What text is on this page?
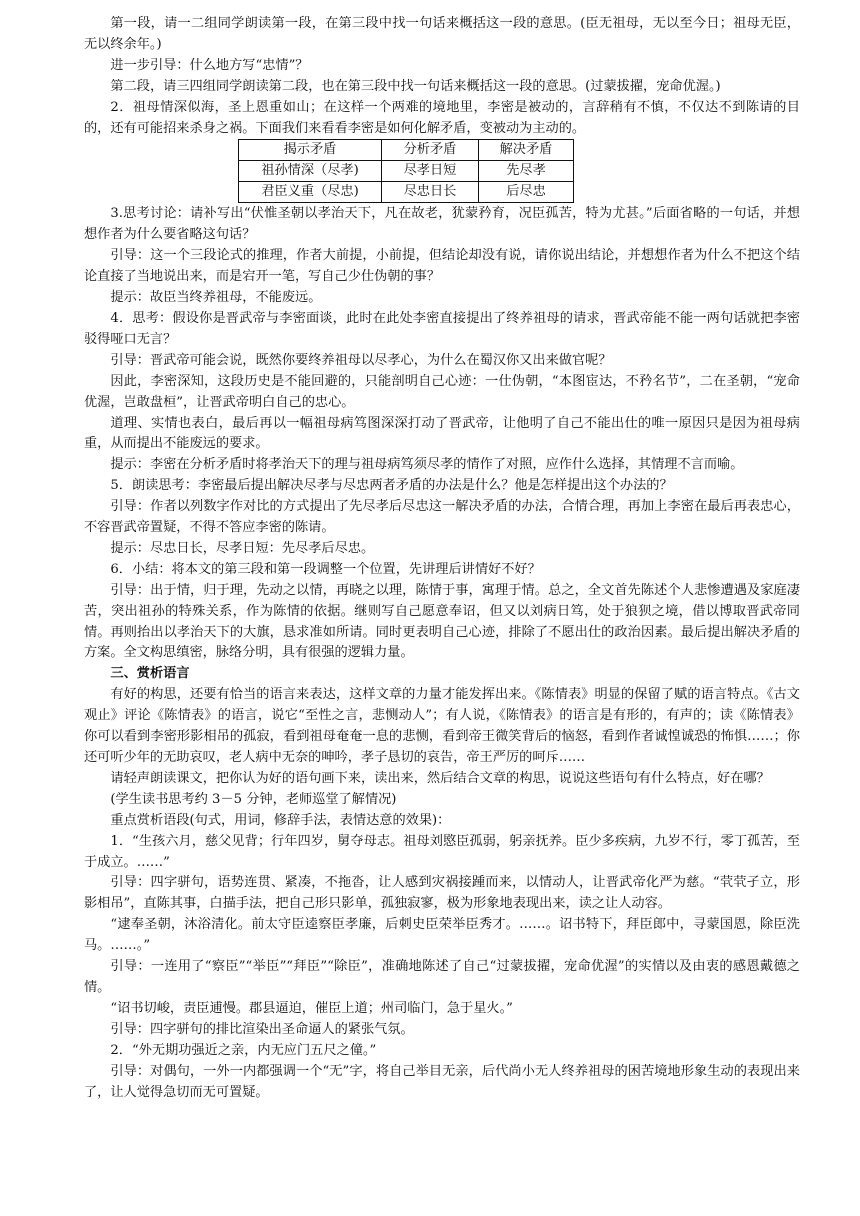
第一段，请一二组同学朗读第一段，在第三段中找一句话来概括这一段的意思。(臣无祖母，无以至今日；祖母无臣，无以终余年。)

进一步引导：什么地方写“忠情”？

第二段，请三四组同学朗读第二段，也在第三段中找一句话来概括这一段的意思。(过蒙拔擢，宠命优渥。)

2．祖母情深似海，圣上恩重如山；在这样一个两难的境地里，李密是被动的，言辞稍有不慎，不仅达不到陈请的目的，还有可能招来杀身之祸。下面我们来看看李密是如何化解矛盾，变被动为主动的。

揭示矛盾	分析矛盾	解决矛盾
祖孙情深（尽孝)	尽孝日短	先尽孝
君臣义重（尽忠)	尽忠日长	后尽忠

3.思考讨论：请补写出“伏惟圣朝以孝治天下，凡在故老，犹蒙矜育，况臣孤苦，特为尤甚。”后面省略的一句话，并想想作者为什么要省略这句话？

引导：这一个三段论式的推理，作者大前提，小前提，但结论却没有说，请你说出结论，并想想作者为什么不把这个结论直接了当地说出来，而是宕开一笔，写自己少仕伪朝的事？

提示：故臣当终养祖母，不能废远。

4．思考：假设你是晋武帝与李密面谈，此时在此处李密直接提出了终养祖母的请求，晋武帝能不能一两句话就把李密驳得哑口无言？

引导：晋武帝可能会说，既然你要终养祖母以尽孝心，为什么在蜀汉你又出来做官呢？

因此，李密深知，这段历史是不能回避的，只能剖明自己心迹：一仕伪朝，“本图宦达，不矜名节”，二在圣朝，“宠命优渥，岂敢盘桓”，让晋武帝明白自己的忠心。

道理、实情也表白，最后再以一幅祖母病笃图深深打动了晋武帝，让他明了自己不能出仕的唯一原因只是因为祖母病重，从而提出不能废远的要求。

提示：李密在分析矛盾时将孝治天下的理与祖母病笃须尽孝的情作了对照，应作什么选择，其情理不言而喻。

5．朗读思考：李密最后提出解决尽孝与尽忠两者矛盾的办法是什么？他是怎样提出这个办法的？

引导：作者以列数字作对比的方式提出了先尽孝后尽忠这一解决矛盾的办法，合情合理，再加上李密在最后再表忠心，不容晋武帝置疑，不得不答应李密的陈请。

提示：尽忠日长，尽孝日短：先尽孝后尽忠。

6．小结：将本文的第三段和第一段调整一个位置，先讲理后讲情好不好？

引导：出于情，归于理，先动之以情，再晓之以理，陈情于事，寓理于情。总之，全文首先陈述个人悲惨遭遇及家庭凄苦，突出祖孙的特殊关系，作为陈情的依据。继则写自己愿意奉诏，但又以刘病日笃，处于狼狈之境，借以博取晋武帝同情。再则抬出以孝治天下的大旗，恳求准如所请。同时更表明自己心迹，排除了不愿出仕的政治因素。最后提出解决矛盾的方案。全文构思缜密，脉络分明，具有很强的逻辑力量。

三、赏析语言

有好的构思，还要有恰当的语言来表达，这样文章的力量才能发挥出来。《陈情表》明显的保留了赋的语言特点。《古文观止》评论《陈情表》的语言，说它“至性之言，悲恻动人”；有人说，《陈情表》的语言是有形的，有声的；读《陈情表》你可以看到李密形影相吊的孤寂，看到祖母奄奄一息的悲恻，看到帝王微笑背后的恼怒，看到作者诚惶诚恐的怖惧……；你还可听少年的无助哀叹，老人病中无奈的呻吟，孝子恳切的哀告，帝王严厉的呵斥……

请轻声朗读课文，把你认为好的语句画下来，读出来，然后结合文章的构思，说说这些语句有什么特点，好在哪？

(学生读书思考约 3－5 分钟，老师巡堂了解情况)

重点赏析语段(句式，用词，修辞手法，表情达意的效果)：

1．“生孩六月，慈父见背；行年四岁，舅夺母志。祖母刘愍臣孤弱，躬亲抚养。臣少多疾病，九岁不行，零丁孤苦，至于成立。……”

引导：四字骈句，语势连贯、紧凑，不拖沓，让人感到灾祸接踵而来，以情动人，让晋武帝化严为慈。“茕茕孑立，形影相吊”，直陈其事，白描手法，把自己形只影单，孤独寂寥，极为形象地表现出来，读之让人动容。

“逮奉圣朝，沐浴清化。前太守臣逵察臣孝廉，后刺史臣荣举臣秀才。……。诏书特下，拜臣郎中，寻蒙国恩，除臣洗马。……。”

引导：一连用了“察臣”“举臣”“拜臣”“除臣”，准确地陈述了自己“过蒙拔擢，宠命优渥”的实情以及由衷的感恩戴德之情。

“诏书切峻，责臣逋慢。郡县逼迫，催臣上道；州司临门，急于星火。”

引导：四字骈句的排比渲染出圣命逼人的紧张气氛。

2．“外无期功强近之亲，内无应门五尺之僮。”

引导：对偶句，一外一内都强调一个“无”字，将自己举目无亲，后代尚小无人终养祖母的困苦境地形象生动的表现出来了，让人觉得急切而无可置疑。
